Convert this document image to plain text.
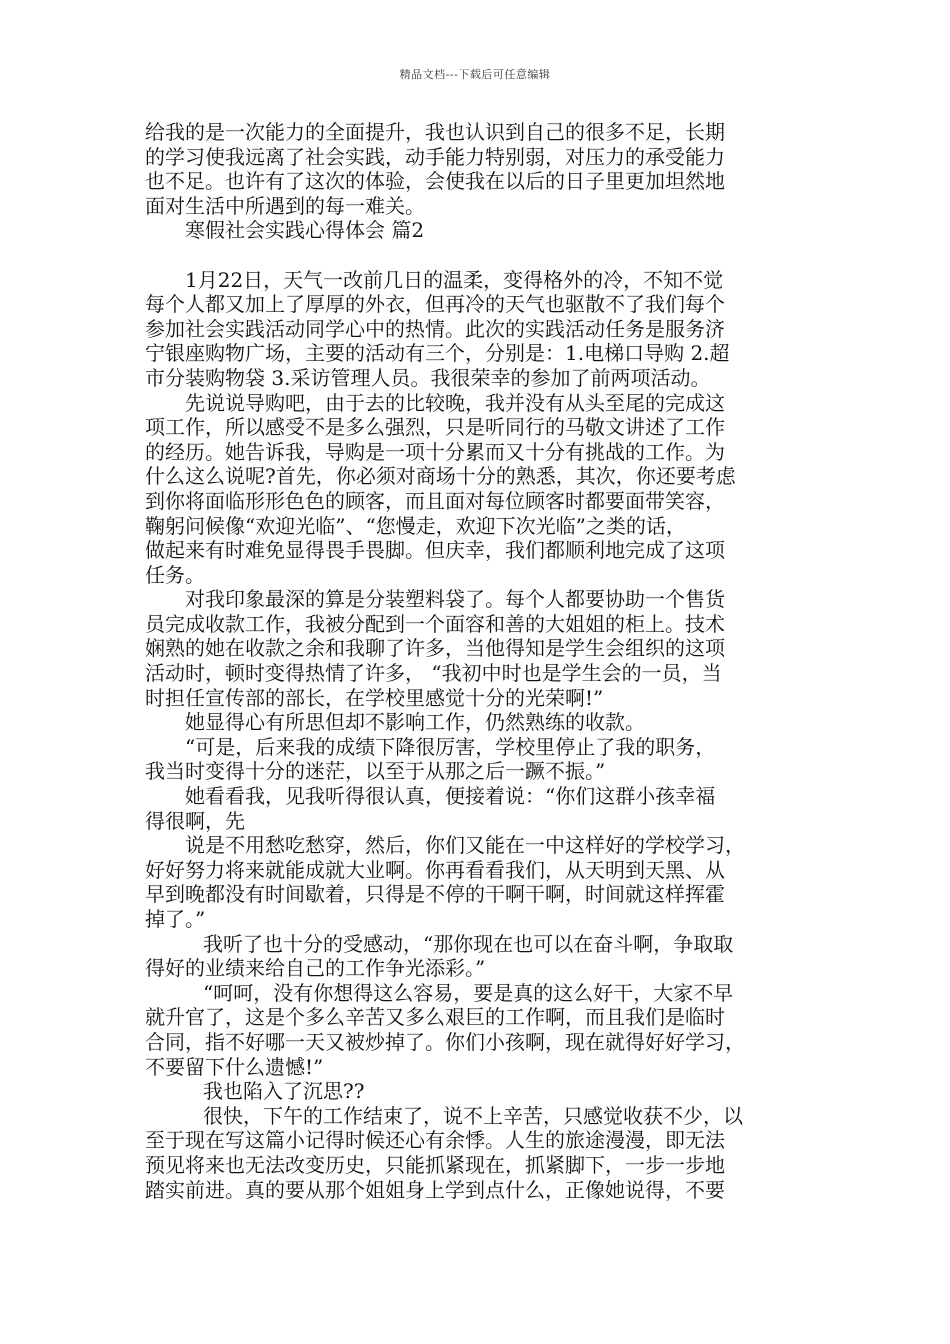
精品文档---下载后可任意编辑
给我的是一次能力的全面提升，我也认识到自己的很多不足，长期
的学习使我远离了社会实践，动手能力特别弱，对压力的承受能力
也不足。也许有了这次的体验，会使我在以后的日子里更加坦然地
面对生活中所遇到的每一难关。
寒假社会实践心得体会 篇2
1月22日，天气一改前几日的温柔，变得格外的冷，不知不觉
每个人都又加上了厚厚的外衣，但再冷的天气也驱散不了我们每个
参加社会实践活动同学心中的热情。此次的实践活动任务是服务济
宁银座购物广场，主要的活动有三个，分别是：1.电梯口导购 2.超
市分装购物袋 3.采访管理人员。我很荣幸的参加了前两项活动。
先说说导购吧，由于去的比较晚，我并没有从头至尾的完成这
项工作，所以感受不是多么强烈，只是听同行的马敬文讲述了工作
的经历。她告诉我，导购是一项十分累而又十分有挑战的工作。为
什么这么说呢?首先，你必须对商场十分的熟悉，其次，你还要考虑
到你将面临形形色色的顾客，而且面对每位顾客时都要面带笑容，
鞠躬问候像“欢迎光临”、“您慢走，欢迎下次光临”之类的话，
做起来有时难免显得畏手畏脚。但庆幸，我们都顺利地完成了这项
任务。
对我印象最深的算是分装塑料袋了。每个人都要协助一个售货
员完成收款工作，我被分配到一个面容和善的大姐姐的柜上。技术
娴熟的她在收款之余和我聊了许多，当他得知是学生会组织的这项
活动时，顿时变得热情了许多， “我初中时也是学生会的一员，当
时担任宣传部的部长，在学校里感觉十分的光荣啊!”
她显得心有所思但却不影响工作，仍然熟练的收款。
“可是，后来我的成绩下降很厉害，学校里停止了我的职务，
我当时变得十分的迷茫，以至于从那之后一蹶不振。”
她看看我，见我听得很认真，便接着说：“你们这群小孩幸福
得很啊，先
说是不用愁吃愁穿，然后，你们又能在一中这样好的学校学习，
好好努力将来就能成就大业啊。你再看看我们，从天明到天黑、从
早到晚都没有时间歇着，只得是不停的干啊干啊，时间就这样挥霍
掉了。”
我听了也十分的受感动，“那你现在也可以在奋斗啊，争取取
得好的业绩来给自己的工作争光添彩。”
“呵呵，没有你想得这么容易，要是真的这么好干，大家不早
就升官了，这是个多么辛苦又多么艰巨的工作啊，而且我们是临时
合同，指不好哪一天又被炒掉了。你们小孩啊，现在就得好好学习，
不要留下什么遗憾!”
我也陷入了沉思??
很快，下午的工作结束了，说不上辛苦，只感觉收获不少，以
至于现在写这篇小记得时候还心有余悸。人生的旅途漫漫，即无法
预见将来也无法改变历史，只能抓紧现在，抓紧脚下，一步一步地
踏实前进。真的要从那个姐姐身上学到点什么，正像她说得，不要
